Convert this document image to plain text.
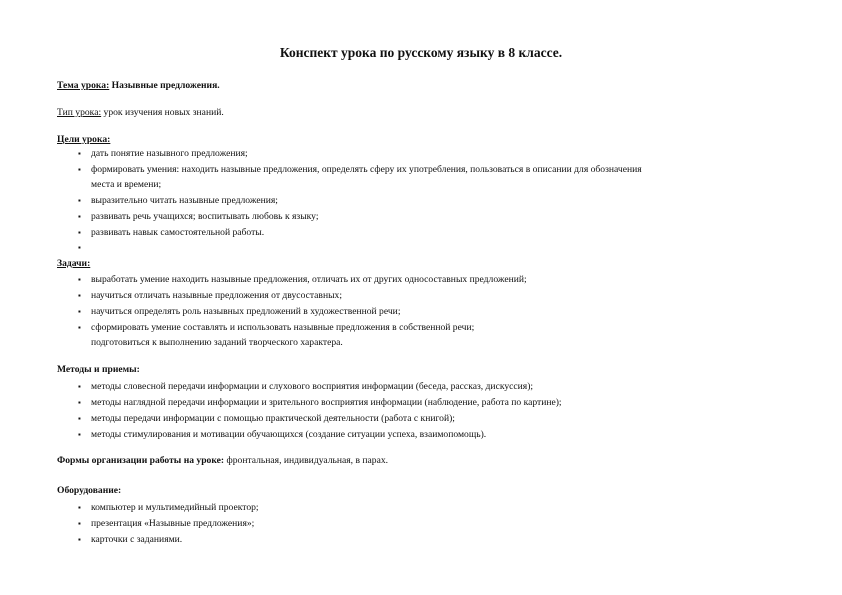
Конспект урока по русскому языку в 8 классе.
Тема урока: Назывные предложения.
Тип урока: урок изучения новых знаний.
Цели урока:
▪ дать понятие назывного предложения;
▪ формировать умения: находить назывные предложения, определять сферу их употребления, пользоваться в описании для обозначения
места и времени;
▪ выразительно читать назывные предложения;
▪ развивать речь учащихся; воспитывать любовь к языку;
▪ развивать навык самостоятельной работы.
▪
Задачи:
▪ выработать умение находить назывные предложения, отличать их от других односоставных предложений;
▪ научиться отличать назывные предложения от двусоставных;
▪ научиться определять роль назывных предложений в художественной речи;
▪ сформировать умение составлять и использовать назывные предложения в собственной речи;
подготовиться к выполнению заданий творческого характера.
Методы и приемы:
▪ методы словесной передачи информации и слухового восприятия информации (беседа, рассказ, дискуссия);
▪ методы наглядной передачи информации и зрительного восприятия информации (наблюдение, работа по картине);
▪ методы передачи информации с помощью практической деятельности (работа с книгой);
▪ методы стимулирования и мотивации обучающихся (создание ситуации успеха, взаимопомощь).
Формы организации работы на уроке: фронтальная, индивидуальная, в парах.
Оборудование:
▪ компьютер и мультимедийный проектор;
▪ презентация «Назывные предложения»;
▪ карточки с заданиями.
